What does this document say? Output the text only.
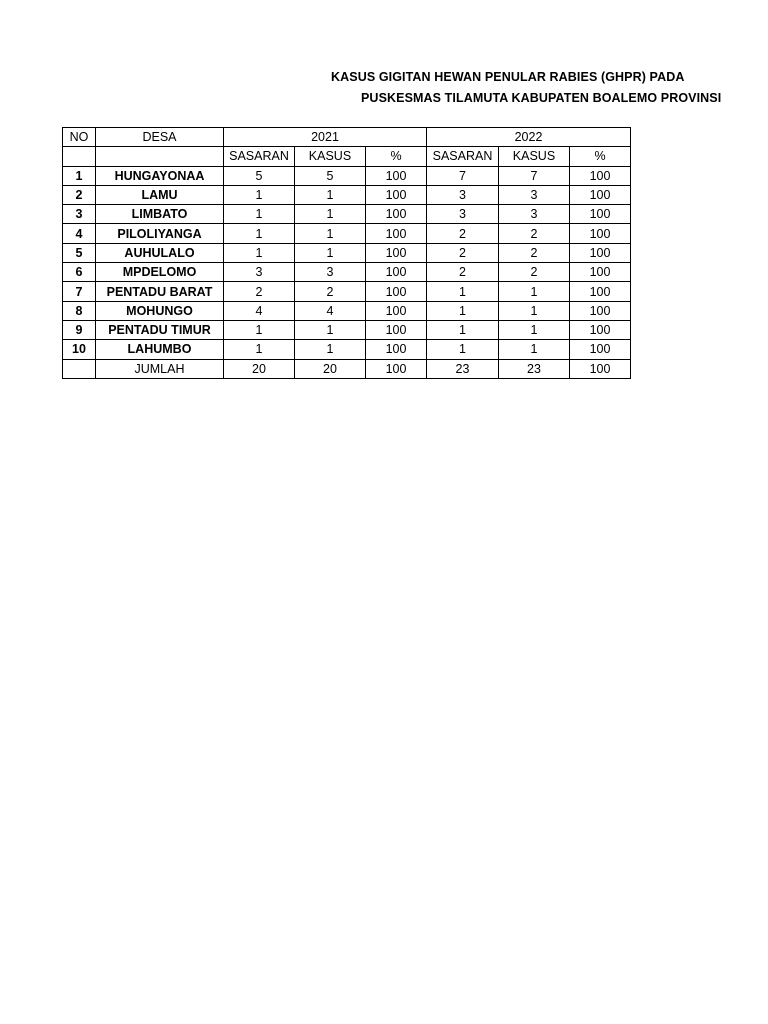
KASUS GIGITAN HEWAN PENULAR RABIES (GHPR) PADA
PUSKESMAS TILAMUTA KABUPATEN BOALEMO PROVINSI
NO	DESA	2021			2022		
		SASARAN	KASUS	%	SASARAN	KASUS	%
1	HUNGAYONAA	5	5	100	7	7	100
2	LAMU	1	1	100	3	3	100
3	LIMBATO	1	1	100	3	3	100
4	PILOLIYANGA	1	1	100	2	2	100
5	AUHULALO	1	1	100	2	2	100
6	MPDELOMO	3	3	100	2	2	100
7	PENTADU BARAT	2	2	100	1	1	100
8	MOHUNGO	4	4	100	1	1	100
9	PENTADU TIMUR	1	1	100	1	1	100
10	LAHUMBO	1	1	100	1	1	100
	JUMLAH	20	20	100	23	23	100
